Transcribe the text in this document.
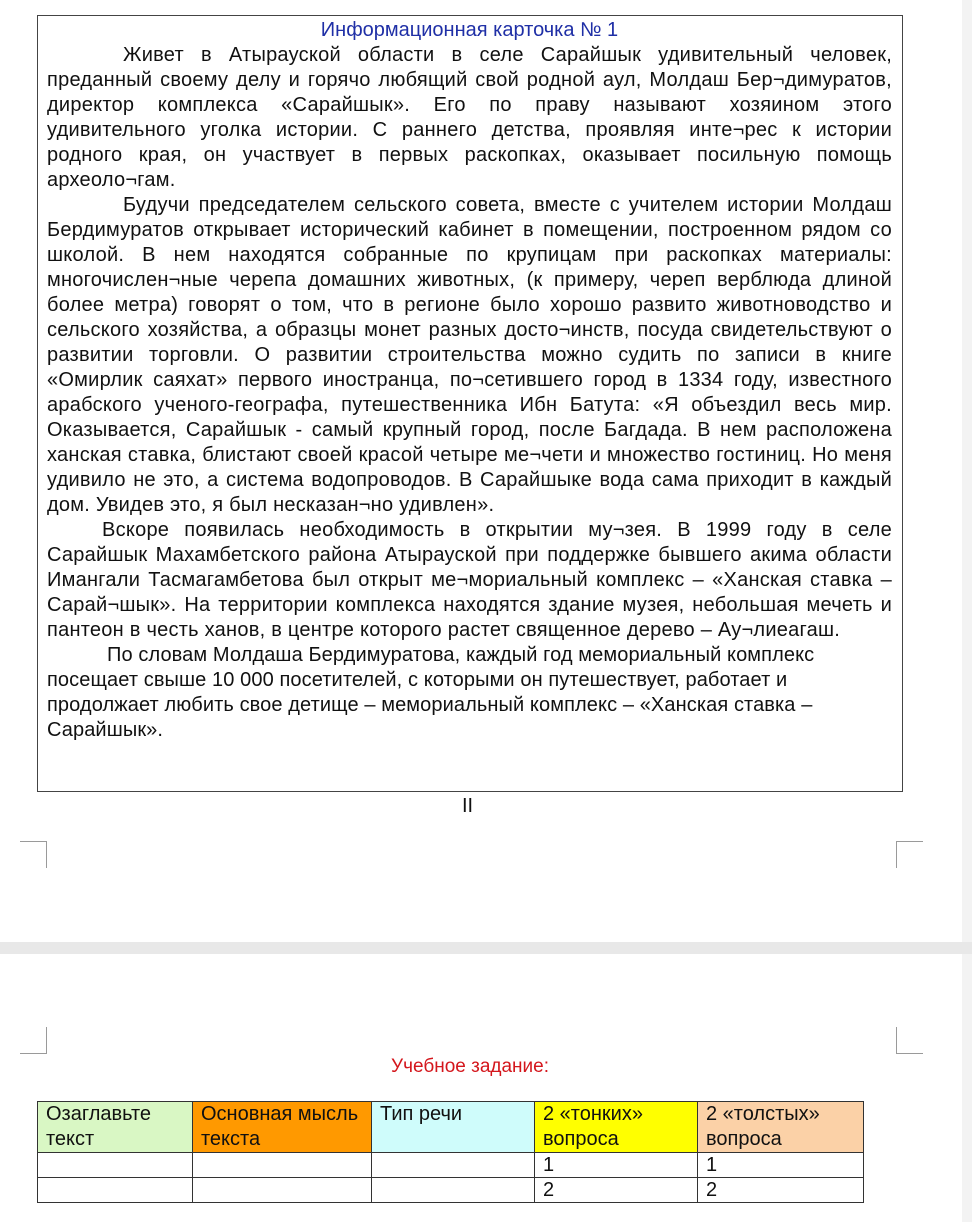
Информационная карточка № 1

Живет в Атырауской области в селе Сарайшык удивительный человек, преданный своему делу и горячо любящий свой родной аул, Молдаш Бер¬димуратов, директор комплекса «Сарайшык». Его по праву называют хозяином этого удивительного уголка истории. С раннего детства, проявляя инте¬рес к истории родного края, он участвует в первых раскопках, оказывает посильную помощь археоло¬гам.

Будучи председателем сельского совета, вместе с учителем истории Молдаш Бердимуратов открывает исторический кабинет в помещении, построенном рядом со школой. В нем находятся собранные по крупицам при раскопках материалы: многочислен¬ные черепа домашних животных, (к примеру, череп верблюда длиной более метра) говорят о том, что в регионе было хорошо развито животноводство и сельского хозяйства, а образцы монет разных досто¬инств, посуда свидетельствуют о развитии торговли. О развитии строительства можно судить по записи в книге «Омирлик саяхат» первого иностранца, по¬сетившего город в 1334 году, известного арабского ученого-географа, путешественника Ибн Батута: «Я объездил весь мир. Оказывается, Сарайшык - самый крупный город, после Багдада. В нем расположена ханская ставка, блистают своей красой четыре ме¬чети и множество гостиниц. Но меня удивило не это, а система водопроводов. В Сарайшыке вода сама приходит в каждый дом. Увидев это, я был несказан¬но удивлен».

Вскоре появилась необходимость в открытии му¬зея. В 1999 году в селе Сарайшык Махамбетского района Атырауской при поддержке бывшего акима области Имангали Тасмагамбетова был открыт ме¬мориальный комплекс – «Ханская ставка – Сарай¬шык». На территории комплекса находятся здание музея, небольшая мечеть и пантеон в честь ханов, в центре которого растет священное дерево – Ау¬лиеагаш.

По словам Молдаша Бердимуратова, каждый год мемориальный комплекс посещает свыше 10 000 посетителей, с которыми он путешествует, работает и продолжает любить свое детище – мемориальный комплекс – «Ханская ставка – Сарайшык».

II
Учебное задание:
Озаглавьте текст	Основная мысль текста	Тип речи	2 «тонких» вопроса	2 «толстых» вопроса
			1	1
			2	2
